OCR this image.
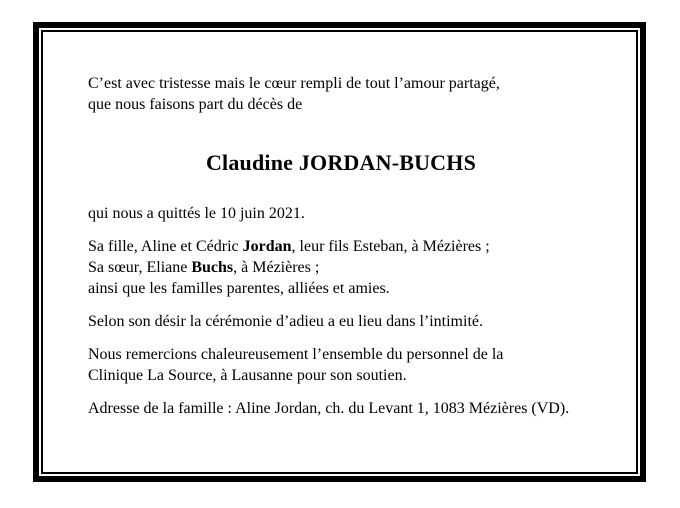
C’est avec tristesse mais le cœur rempli de tout l’amour partagé,
que nous faisons part du décès de

Claudine JORDAN-BUCHS

qui nous a quittés le 10 juin 2021.

Sa fille, Aline et Cédric Jordan, leur fils Esteban, à Mézières ;
Sa sœur, Eliane Buchs, à Mézières ;
ainsi que les familles parentes, alliées et amies.

Selon son désir la cérémonie d’adieu a eu lieu dans l’intimité.

Nous remercions chaleureusement l’ensemble du personnel de la
Clinique La Source, à Lausanne pour son soutien.

Adresse de la famille : Aline Jordan, ch. du Levant 1, 1083 Mézières (VD).
